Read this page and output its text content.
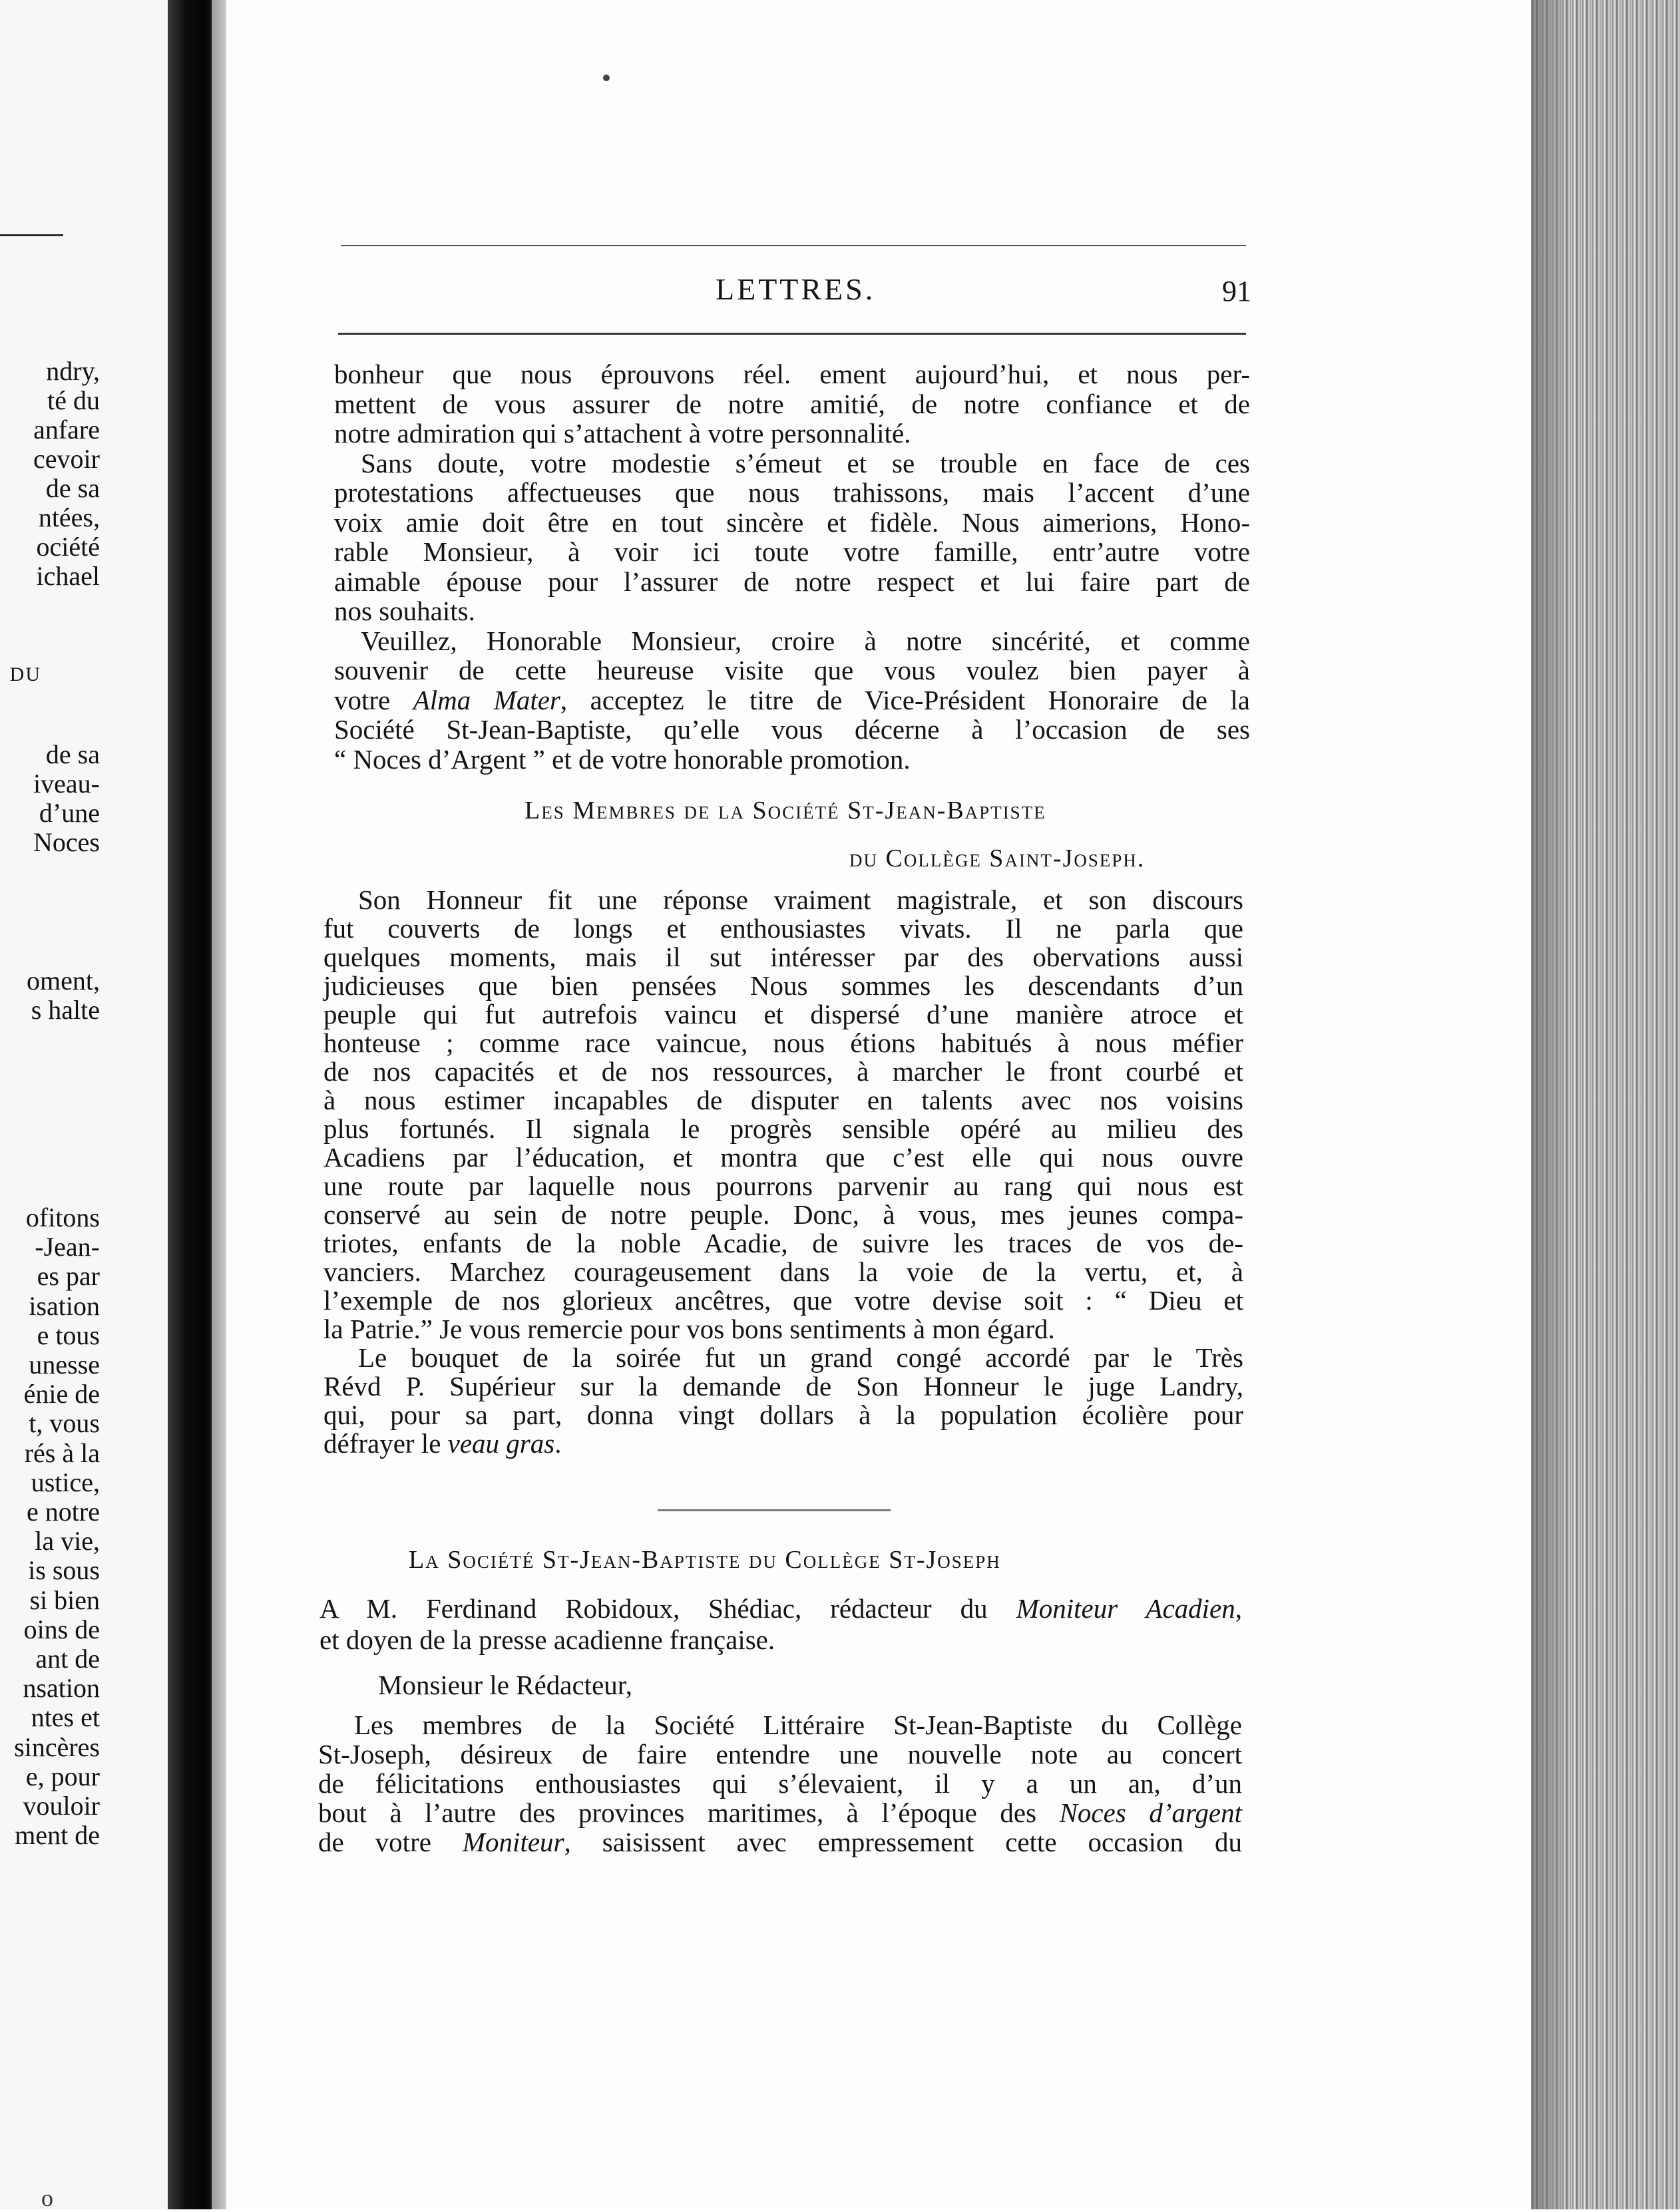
ndry,
té du
anfare
cevoir
de sa
ntées,
ociété
ichael
DU
de sa
iveau-
d’une
Noces
oment,
s halte
ofitons
-Jean-
es par
isation
e tous
unesse
énie de
t, vous
rés à la
ustice,
e notre
la vie,
is sous
si bien
oins de
ant de
nsation
ntes et
sincères
e, pour
vouloir
ment de
LETTRES.	91
bonheur que nous éprouvons réel. ement aujourd’hui, et nous per-
mettent de vous assurer de notre amitié, de notre confiance et de
notre admiration qui s’attachent à votre personnalité.
Sans doute, votre modestie s’émeut et se trouble en face de ces
protestations affectueuses que nous trahissons, mais l’accent d’une
voix amie doit être en tout sincère et fidèle. Nous aimerions, Hono-
rable Monsieur, à voir ici toute votre famille, entr’autre votre
aimable épouse pour l’assurer de notre respect et lui faire part de
nos souhaits.
Veuillez, Honorable Monsieur, croire à notre sincérité, et comme
souvenir de cette heureuse visite que vous voulez bien payer à
votre Alma Mater, acceptez le titre de Vice-Président Honoraire de la
Société St-Jean-Baptiste, qu’elle vous décerne à l’occasion de ses
“ Noces d’Argent ” et de votre honorable promotion.
Les Membres de la Société St-Jean-Baptiste
du Collège Saint-Joseph.
Son Honneur fit une réponse vraiment magistrale, et son discours
fut couverts de longs et enthousiastes vivats. Il ne parla que
quelques moments, mais il sut intéresser par des obervations aussi
judicieuses que bien pensées Nous sommes les descendants d’un
peuple qui fut autrefois vaincu et dispersé d’une manière atroce et
honteuse ; comme race vaincue, nous étions habitués à nous méfier
de nos capacités et de nos ressources, à marcher le front courbé et
à nous estimer incapables de disputer en talents avec nos voisins
plus fortunés. Il signala le progrès sensible opéré au milieu des
Acadiens par l’éducation, et montra que c’est elle qui nous ouvre
une route par laquelle nous pourrons parvenir au rang qui nous est
conservé au sein de notre peuple. Donc, à vous, mes jeunes compa-
triotes, enfants de la noble Acadie, de suivre les traces de vos de-
vanciers. Marchez courageusement dans la voie de la vertu, et, à
l’exemple de nos glorieux ancêtres, que votre devise soit : “ Dieu et
la Patrie.” Je vous remercie pour vos bons sentiments à mon égard.
Le bouquet de la soirée fut un grand congé accordé par le Très
Révd P. Supérieur sur la demande de Son Honneur le juge Landry,
qui, pour sa part, donna vingt dollars à la population écolière pour
défrayer le veau gras.
La Société St-Jean-Baptiste du Collège St-Joseph
A M. Ferdinand Robidoux, Shédiac, rédacteur du Moniteur Acadien,
et doyen de la presse acadienne française.
Monsieur le Rédacteur,
Les membres de la Société Littéraire St-Jean-Baptiste du Collège
St-Joseph, désireux de faire entendre une nouvelle note au concert
de félicitations enthousiastes qui s’élevaient, il y a un an, d’un
bout à l’autre des provinces maritimes, à l’époque des Noces d’argent
de votre Moniteur, saisissent avec empressement cette occasion du
o
